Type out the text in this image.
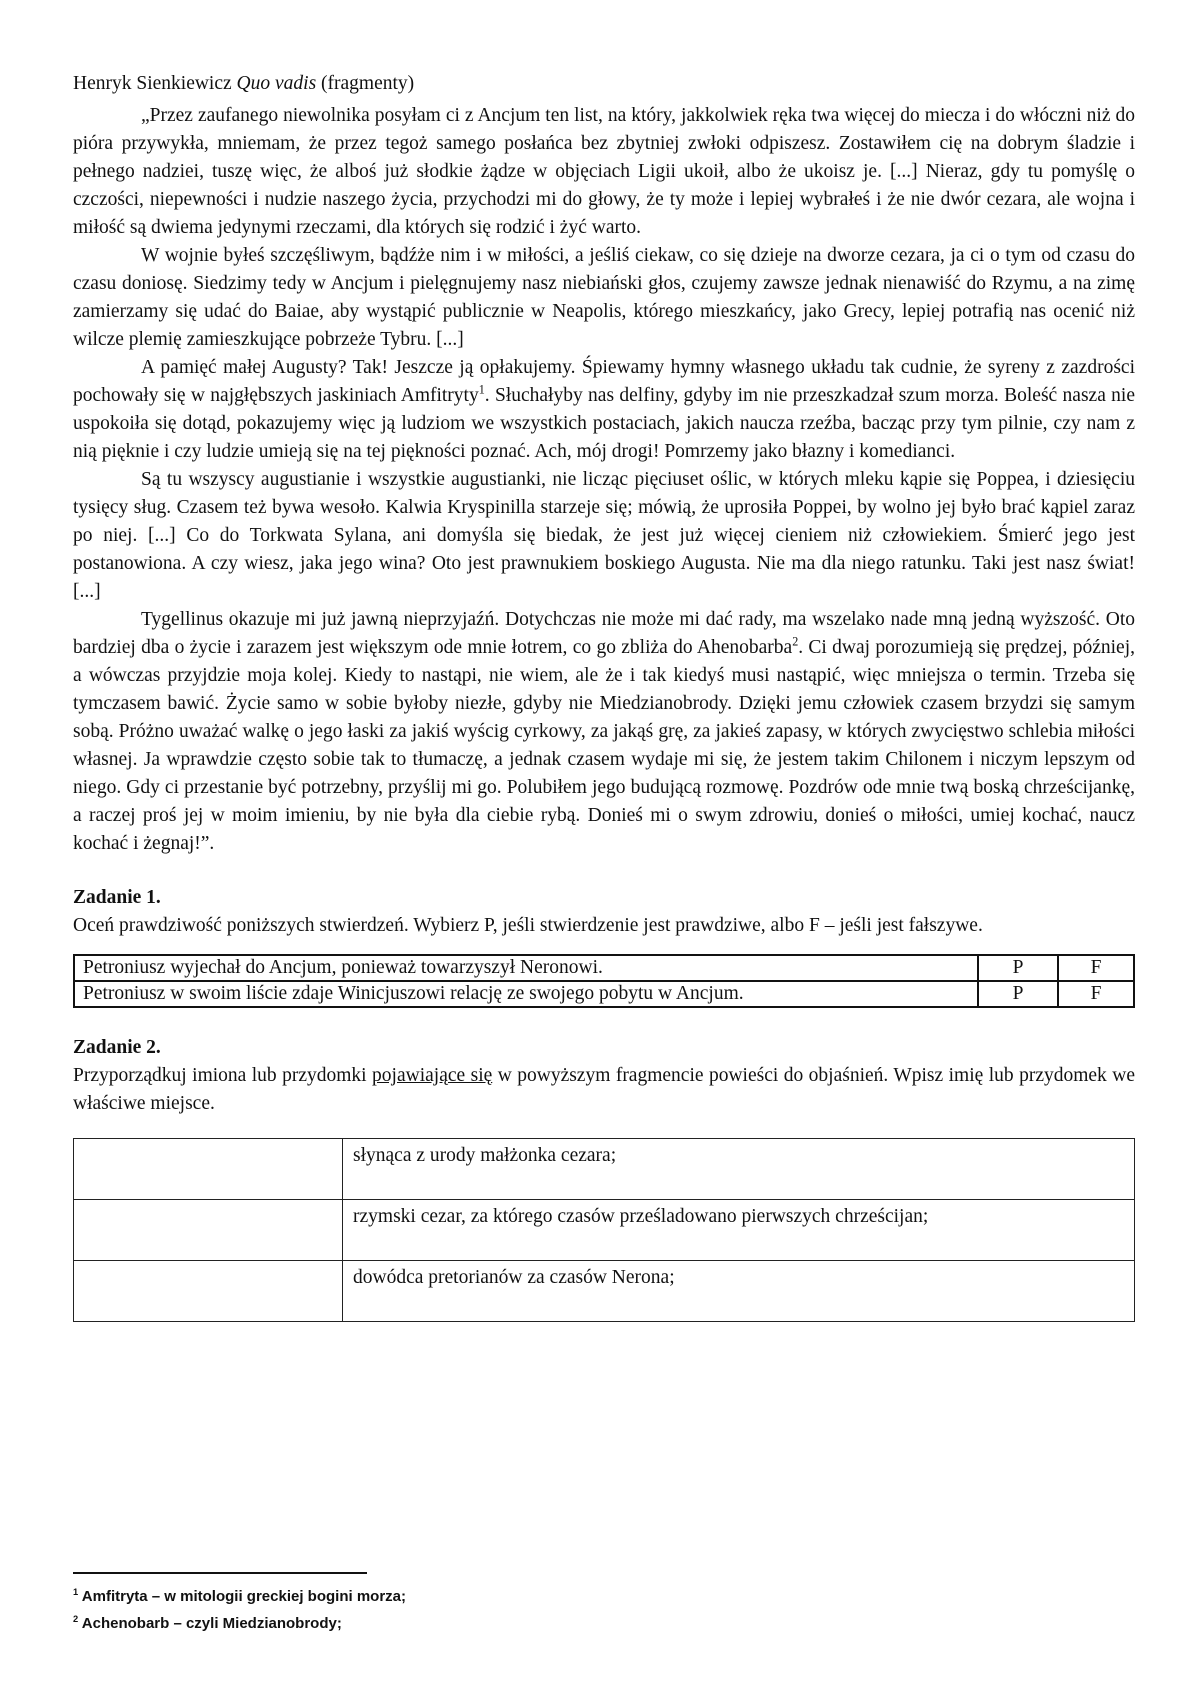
Henryk Sienkiewicz Quo vadis (fragmenty)

„Przez zaufanego niewolnika posyłam ci z Ancjum ten list, na który, jakkolwiek ręka twa więcej do miecza i do włóczni niż do pióra przywykła, mniemam, że przez tegoż samego posłańca bez zbytniej zwłoki odpiszesz. Zostawiłem cię na dobrym śladzie i pełnego nadziei, tuszę więc, że alboś już słodkie żądze w objęciach Ligii ukoił, albo że ukoisz je. [...] Nieraz, gdy tu pomyślę o czczości, niepewności i nudzie naszego życia, przychodzi mi do głowy, że ty może i lepiej wybrałeś i że nie dwór cezara, ale wojna i miłość są dwiema jedynymi rzeczami, dla których się rodzić i żyć warto.

W wojnie byłeś szczęśliwym, bądźże nim i w miłości, a jeśliś ciekaw, co się dzieje na dworze cezara, ja ci o tym od czasu do czasu doniosę. Siedzimy tedy w Ancjum i pielęgnujemy nasz niebiański głos, czujemy zawsze jednak nienawiść do Rzymu, a na zimę zamierzamy się udać do Baiae, aby wystąpić publicznie w Neapolis, którego mieszkańcy, jako Grecy, lepiej potrafią nas ocenić niż wilcze plemię zamieszkujące pobrzeże Tybru. [...]

A pamięć małej Augusty? Tak! Jeszcze ją opłakujemy. Śpiewamy hymny własnego układu tak cudnie, że syreny z zazdrości pochowały się w najgłębszych jaskiniach Amfitryty$^1$. Słuchałyby nas delfiny, gdyby im nie przeszkadzał szum morza. Boleść nasza nie uspokoiła się dotąd, pokazujemy więc ją ludziom we wszystkich postaciach, jakich naucza rzeźba, bacząc przy tym pilnie, czy nam z nią pięknie i czy ludzie umieją się na tej piękności poznać. Ach, mój drogi! Pomrzemy jako błazny i komedianci.

Są tu wszyscy augustianie i wszystkie augustianki, nie licząc pięciuset oślic, w których mleku kąpie się Poppea, i dziesięciu tysięcy sług. Czasem też bywa wesoło. Kalwia Kryspinilla starzeje się; mówią, że uprosiła Poppei, by wolno jej było brać kąpiel zaraz po niej. [...] Co do Torkwata Sylana, ani domyśla się biedak, że jest już więcej cieniem niż człowiekiem. Śmierć jego jest postanowiona. A czy wiesz, jaka jego wina? Oto jest prawnukiem boskiego Augusta. Nie ma dla niego ratunku. Taki jest nasz świat! [...]

Tygellinus okazuje mi już jawną nieprzyjaźń. Dotychczas nie może mi dać rady, ma wszelako nade mną jedną wyższość. Oto bardziej dba o życie i zarazem jest większym ode mnie łotrem, co go zbliża do Ahenobarba$^2$. Ci dwaj porozumieją się prędzej, później, a wówczas przyjdzie moja kolej. Kiedy to nastąpi, nie wiem, ale że i tak kiedyś musi nastąpić, więc mniejsza o termin. Trzeba się tymczasem bawić. Życie samo w sobie byłoby niezłe, gdyby nie Miedzianobrody. Dzięki jemu człowiek czasem brzydzi się samym sobą. Próżno uważać walkę o jego łaski za jakiś wyścig cyrkowy, za jakąś grę, za jakieś zapasy, w których zwycięstwo schlebia miłości własnej. Ja wprawdzie często sobie tak to tłumaczę, a jednak czasem wydaje mi się, że jestem takim Chilonem i niczym lepszym od niego. Gdy ci przestanie być potrzebny, przyślij mi go. Polubiłem jego budującą rozmowę. Pozdrów ode mnie twą boską chrześcijankę, a raczej proś jej w moim imieniu, by nie była dla ciebie rybą. Donieś mi o swym zdrowiu, donieś o miłości, umiej kochać, naucz kochać i żegnaj!”.

Zadanie 1.

Oceń prawdziwość poniższych stwierdzeń. Wybierz P, jeśli stwierdzenie jest prawdziwe, albo F – jeśli jest fałszywe.

Petroniusz wyjechał do Ancjum, ponieważ towarzyszył Neronowi.	P	F
Petroniusz w swoim liście zdaje Winicjuszowi relację ze swojego pobytu w Ancjum.	P	F
Zadanie 2.

Przyporządkuj imiona lub przydomki pojawiające się w powyższym fragmencie powieści do objaśnień. Wpisz imię lub przydomek we właściwe miejsce.

	słynąca z urody małżonka cezara;
	rzymski cezar, za którego czasów prześladowano pierwszych chrześcijan;
	dowódca pretorianów za czasów Nerona;
$^1$ Amfitryta – w mitologii greckiej bogini morza;
$^2$ Achenobarb – czyli Miedzianobrody;
